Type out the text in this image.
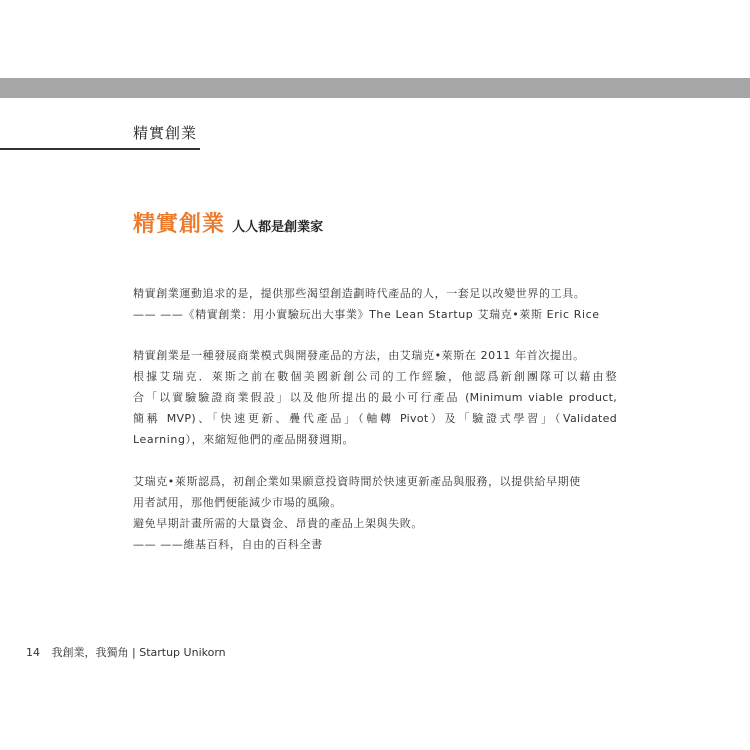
精實創業
精實創業 人人都是創業家
精實創業運動追求的是，提供那些渴望創造劃時代產品的人，一套足以改變世界的工具。
—— ——《精實創業：用小實驗玩出大事業》The Lean Startup 艾瑞克•萊斯 Eric Rice
精實創業是一種發展商業模式與開發產品的方法，由艾瑞克•萊斯在 2011 年首次提出。
根據艾瑞克．萊斯之前在數個美國新創公司的工作經驗，他認爲新創團隊可以藉由整
合「以實驗驗證商業假設」以及他所提出的最小可行產品 (Minimum viable product,
簡稱 MVP)、「快速更新、疊代產品」（軸轉 Pivot）及「驗證式學習」（Validated
Learning），來縮短他們的產品開發週期。
艾瑞克•萊斯認爲，初創企業如果願意投資時間於快速更新產品與服務，以提供給早期使
用者試用，那他們便能減少市場的風險。
避免早期計畫所需的大量資金、昂貴的產品上架與失敗。
—— ——維基百科，自由的百科全書
14 我創業，我獨角 | Startup Unikorn
